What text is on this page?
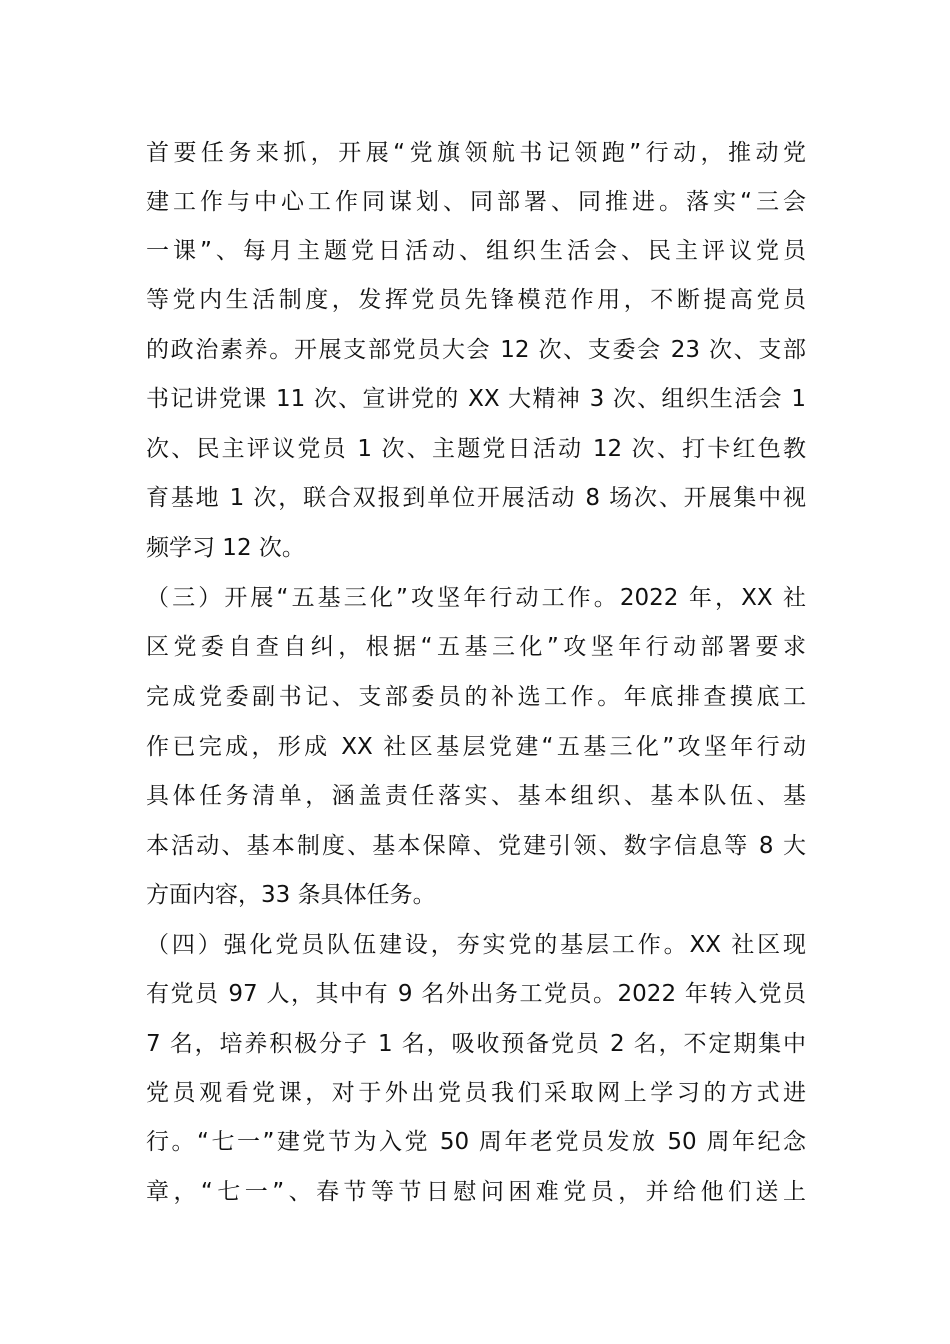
首要任务来抓，开展“党旗领航书记领跑”行动，推动党
建工作与中心工作同谋划、同部署、同推进。落实“三会
一课”、每月主题党日活动、组织生活会、民主评议党员
等党内生活制度，发挥党员先锋模范作用，不断提高党员
的政治素养。开展支部党员大会 12 次、支委会 23 次、支部
书记讲党课 11 次、宣讲党的 XX 大精神 3 次、组织生活会 1
次、民主评议党员 1 次、主题党日活动 12 次、打卡红色教
育基地 1 次，联合双报到单位开展活动 8 场次、开展集中视
频学习 12 次。
（三）开展“五基三化”攻坚年行动工作。2022 年，XX 社
区党委自查自纠，根据“五基三化”攻坚年行动部署要求
完成党委副书记、支部委员的补选工作。年底排查摸底工
作已完成，形成 XX 社区基层党建“五基三化”攻坚年行动
具体任务清单，涵盖责任落实、基本组织、基本队伍、基
本活动、基本制度、基本保障、党建引领、数字信息等 8 大
方面内容，33 条具体任务。
（四）强化党员队伍建设，夯实党的基层工作。XX 社区现
有党员 97 人，其中有 9 名外出务工党员。2022 年转入党员
7 名，培养积极分子 1 名，吸收预备党员 2 名，不定期集中
党员观看党课，对于外出党员我们采取网上学习的方式进
行。“七一”建党节为入党 50 周年老党员发放 50 周年纪念
章，“七一”、春节等节日慰问困难党员，并给他们送上
